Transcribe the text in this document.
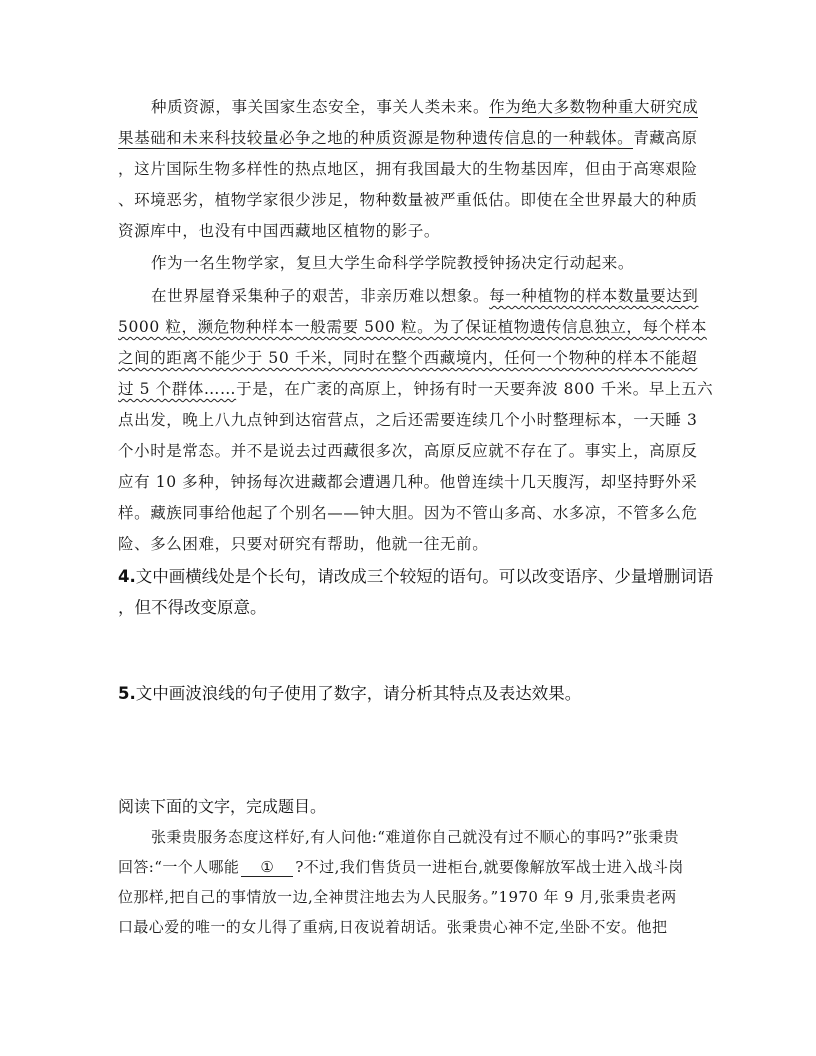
种质资源，事关国家生态安全，事关人类未来。作为绝大多数物种重大研究成
果基础和未来科技较量必争之地的种质资源是物种遗传信息的一种载体。青藏高原
，这片国际生物多样性的热点地区，拥有我国最大的生物基因库，但由于高寒艰险
、环境恶劣，植物学家很少涉足，物种数量被严重低估。即使在全世界最大的种质
资源库中，也没有中国西藏地区植物的影子。
作为一名生物学家，复旦大学生命科学学院教授钟扬决定行动起来。
在世界屋脊采集种子的艰苦，非亲历难以想象。每一种植物的样本数量要达到
5000 粒，濒危物种样本一般需要 500 粒。为了保证植物遗传信息独立，每个样本
之间的距离不能少于 50 千米，同时在整个西藏境内，任何一个物种的样本不能超
过 5 个群体……于是，在广袤的高原上，钟扬有时一天要奔波 800 千米。早上五六
点出发，晚上八九点钟到达宿营点，之后还需要连续几个小时整理标本，一天睡 3
个小时是常态。并不是说去过西藏很多次，高原反应就不存在了。事实上，高原反
应有 10 多种，钟扬每次进藏都会遭遇几种。他曾连续十几天腹泻，却坚持野外采
样。藏族同事给他起了个别名——钟大胆。因为不管山多高、水多凉，不管多么危
险、多么困难，只要对研究有帮助，他就一往无前。
4.文中画横线处是个长句，请改成三个较短的语句。可以改变语序、少量增删词语
，但不得改变原意。
5.文中画波浪线的句子使用了数字，请分析其特点及表达效果。
阅读下面的文字，完成题目。
张秉贵服务态度这样好,有人问他:“难道你自己就没有过不顺心的事吗?”张秉贵
回答:“一个人哪能 ① ?不过,我们售货员一进柜台,就要像解放军战士进入战斗岗
位那样,把自己的事情放一边,全神贯注地去为人民服务。”1970 年 9 月,张秉贵老两
口最心爱的唯一的女儿得了重病,日夜说着胡话。张秉贵心神不定,坐卧不安。他把
